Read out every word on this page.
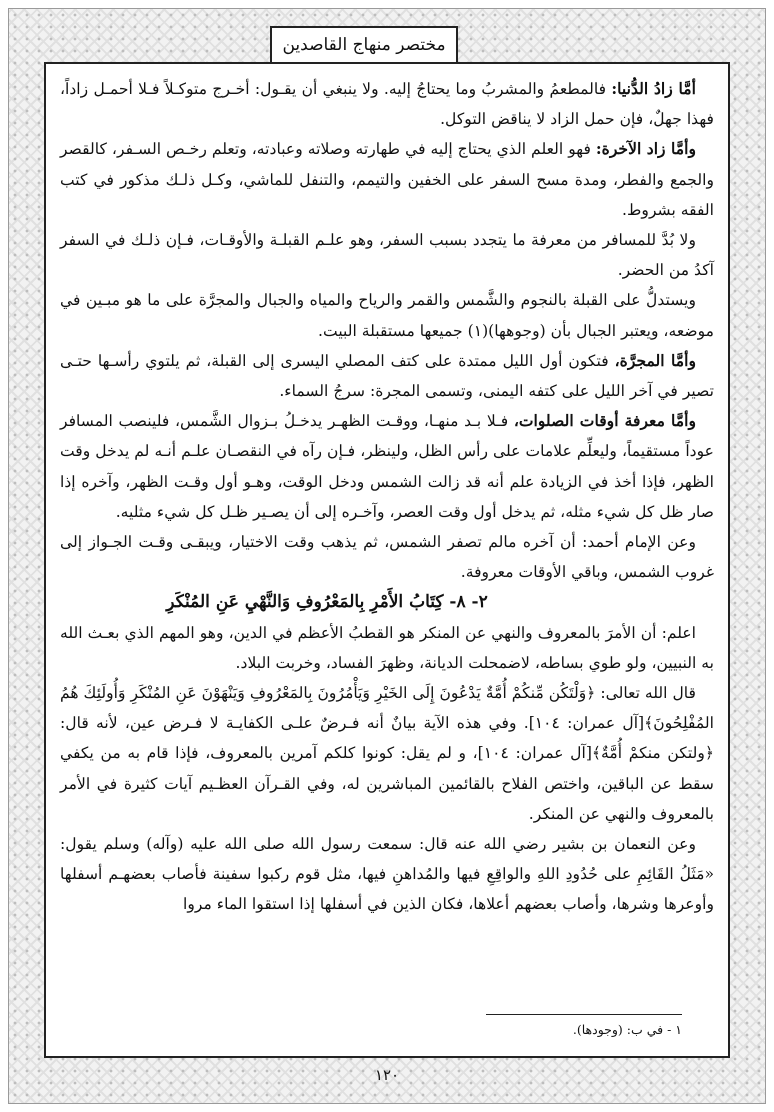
مختصر منهاج القاصدين

أمَّا زادُ الدُّنيا: فالمطعمُ والمشربُ وما يحتاجُ إليه. ولا ينبغي أن يقـول: أخـرج متوكـلاً فـلا أحمـل زاداً، فهذا جهلٌ، فإن حمل الزاد لا يناقض التوكل.

وأمَّا زاد الآخرة: فهو العلم الذي يحتاج إليه في طهارته وصلاته وعبادته، وتعلم رخـص السـفر، كالقصر والجمع والفطر، ومدة مسح السفر على الخفين والتيمم، والتنفل للماشي، وكـل ذلـك مذكور في كتب الفقه بشروط.

ولا بُدَّ للمسافر من معرفة ما يتجدد بسبب السفر، وهو علـم القبلـة والأوقـات، فـإن ذلـك في السفر آكدُ من الحضر.

ويستدلُّ على القبلة بالنجوم والشَّمس والقمر والرياح والمياه والجبال والمجرَّة على ما هو مبـين في موضعه، ويعتبر الجبال بأن (وجوهها)(١) جميعها مستقبلة البيت.

وأمَّا المجرَّة، فتكون أول الليل ممتدة على كتف المصلي اليسرى إلى القبلة، ثم يلتوي رأسـها حتـى تصير في آخر الليل على كتفه اليمنى، وتسمى المجرة: سرجُ السماء.

وأمَّا معرفة أوقات الصلوات، فـلا بـد منهـا، ووقـت الظهـر يدخـلُ بـزوال الشَّمس، فلينصب المسافر عوداً مستقيماً، وليعلِّم علامات على رأس الظل، ولينظر، فـإن رآه في النقصـان علـم أنـه لم يدخل وقت الظهر، فإذا أخذ في الزيادة علم أنه قد زالت الشمس ودخل الوقت، وهـو أول وقـت الظهر، وآخره إذا صار ظل كل شيء مثله، ثم يدخل أول وقت العصر، وآخـره إلى أن يصـير ظـل كل شيء مثليه.

وعن الإمام أحمد: أن آخره مالم تصفر الشمس، ثم يذهب وقت الاختيار، ويبقـى وقـت الجـواز إلى غروب الشمس، وباقي الأوقات معروفة.

٢- ٨- كِتَابُ الأَمْرِ بِالمَعْرُوفِ وَالنَّهْيِ عَنِ المُنْكَرِ

اعلم: أن الأمرَ بالمعروف والنهي عن المنكر هو القطبُ الأعظم في الدين، وهو المهم الذي بعـث الله به النبيين، ولو طوي بساطه، لاضمحلت الديانة، وظهرَ الفساد، وخربت البلاد.

قال الله تعالى: ﴿وَلْتَكُن مِّنكُمْ أُمَّةٌ يَدْعُونَ إِلَى الخَيْرِ وَيَأْمُرُونَ بِالمَعْرُوفِ وَيَنْهَوْنَ عَنِ المُنْكَرِ وَأُولَئِكَ هُمُ المُفْلِحُونَ﴾[آل عمران: ١٠٤]. وفي هذه الآية بيانٌ أنه فـرضٌ علـى الكفايـة لا فـرض عين، لأنه قال: ﴿ولتكن منكمْ أُمَّةٌ﴾[آل عمران: ١٠٤]، و لم يقل: كونوا كلكم آمرين بالمعروف، فإذا قام به من يكفي سقط عن الباقين، واختص الفلاح بالقائمين المباشرين له، وفي القـرآن العظـيم آيات كثيرة في الأمر بالمعروف والنهي عن المنكر.

وعن النعمان بن بشير رضي الله عنه قال: سمعت رسول الله صلى الله عليه (وآله) وسلم يقول: «مَثَلُ القَائِمِ على حُدُودِ اللهِ والواقِعِ فيها والمُداهنِ فيها، مثل قوم ركبوا سفينة فأصاب بعضهـم أسفلها وأوعرها وشرها، وأصاب بعضهم أعلاها، فكان الذين في أسفلها إذا استقوا الماء مروا

١ - في ب: (وجودها).
١٢٠
